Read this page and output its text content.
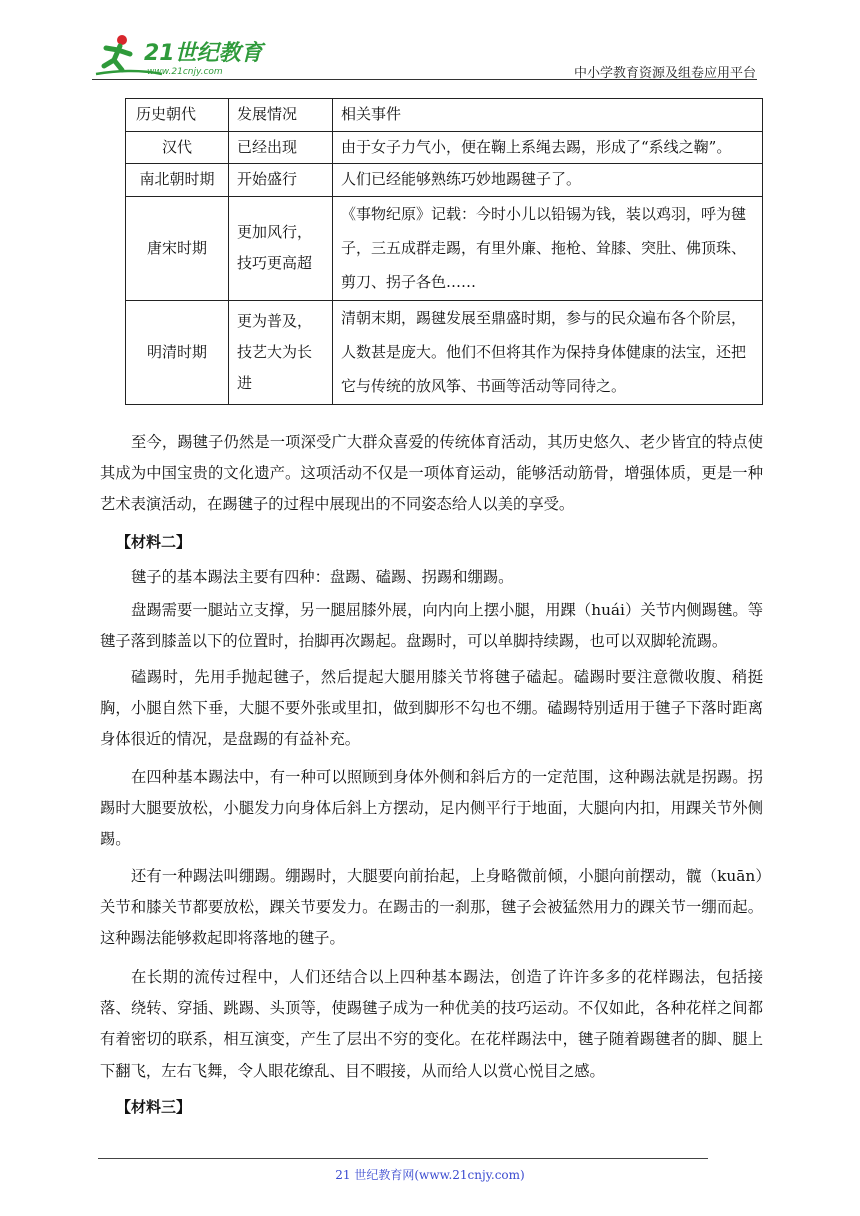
21世纪教育
www.21cnjy.com	中小学教育资源及组卷应用平台
历史朝代	发展情况	相关事件
汉代	已经出现	由于女子力气小，便在鞠上系绳去踢，形成了“系线之鞠”。
南北朝时期	开始盛行	人们已经能够熟练巧妙地踢毽子了。
唐宋时期	更加风行，技巧更高超	《事物纪原》记载：今时小儿以铅锡为钱，装以鸡羽，呼为毽子，三五成群走踢，有里外廉、拖枪、耸膝、突肚、佛顶珠、剪刀、拐子各色……
明清时期	更为普及，技艺大为长进	清朝末期，踢毽发展至鼎盛时期，参与的民众遍布各个阶层，人数甚是庞大。他们不但将其作为保持身体健康的法宝，还把它与传统的放风筝、书画等活动等同待之。

至今，踢毽子仍然是一项深受广大群众喜爱的传统体育活动，其历史悠久、老少皆宜的特点使其成为中国宝贵的文化遗产。这项活动不仅是一项体育运动，能够活动筋骨，增强体质，更是一种艺术表演活动，在踢毽子的过程中展现出的不同姿态给人以美的享受。

【材料二】

毽子的基本踢法主要有四种：盘踢、磕踢、拐踢和绷踢。

盘踢需要一腿站立支撑，另一腿屈膝外展，向内向上摆小腿，用踝（huái）关节内侧踢毽。等毽子落到膝盖以下的位置时，抬脚再次踢起。盘踢时，可以单脚持续踢，也可以双脚轮流踢。

磕踢时，先用手抛起毽子，然后提起大腿用膝关节将毽子磕起。磕踢时要注意微收腹、稍挺胸，小腿自然下垂，大腿不要外张或里扣，做到脚形不勾也不绷。磕踢特别适用于毽子下落时距离身体很近的情况，是盘踢的有益补充。

在四种基本踢法中，有一种可以照顾到身体外侧和斜后方的一定范围，这种踢法就是拐踢。拐踢时大腿要放松，小腿发力向身体后斜上方摆动，足内侧平行于地面，大腿向内扣，用踝关节外侧踢。

还有一种踢法叫绷踢。绷踢时，大腿要向前抬起，上身略微前倾，小腿向前摆动，髋（kuān）关节和膝关节都要放松，踝关节要发力。在踢击的一刹那，毽子会被猛然用力的踝关节一绷而起。这种踢法能够救起即将落地的毽子。

在长期的流传过程中，人们还结合以上四种基本踢法，创造了许许多多的花样踢法，包括接落、绕转、穿插、跳踢、头顶等，使踢毽子成为一种优美的技巧运动。不仅如此，各种花样之间都有着密切的联系，相互演变，产生了层出不穷的变化。在花样踢法中，毽子随着踢毽者的脚、腿上下翻飞，左右飞舞，令人眼花缭乱、目不暇接，从而给人以赏心悦目之感。

【材料三】

21 世纪教育网(www.21cnjy.com)
